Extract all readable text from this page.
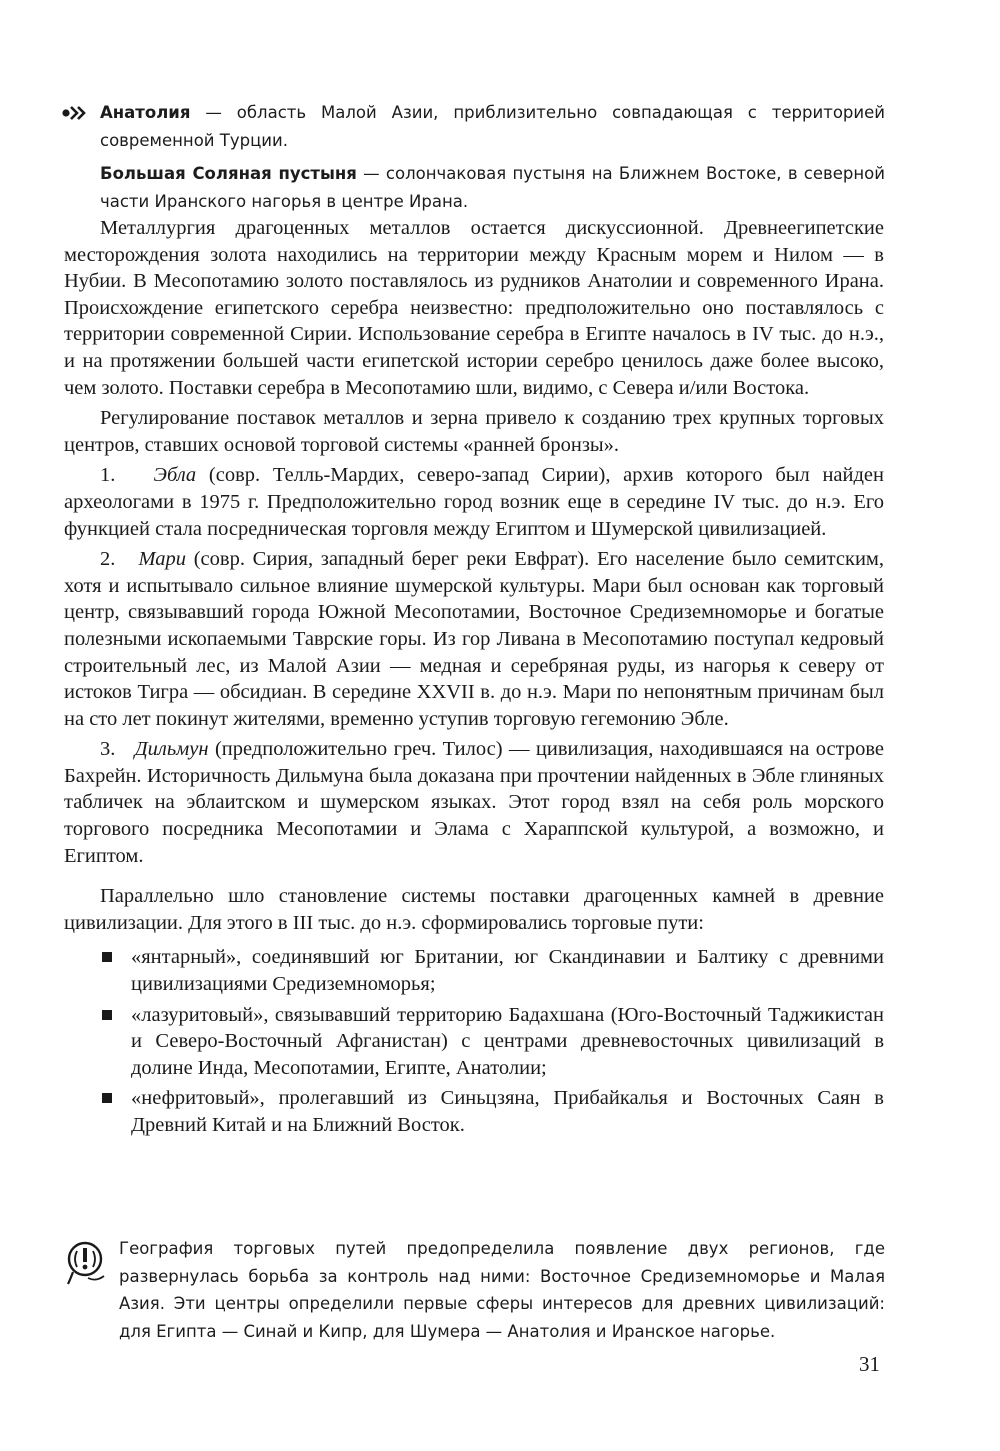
Анатолия — область Малой Азии, приблизительно совпадающая с территорией современной Турции.

Большая Соляная пустыня — солончаковая пустыня на Ближнем Востоке, в северной части Иранского нагорья в центре Ирана.

Металлургия драгоценных металлов остается дискуссионной. Древнеегипетские месторождения золота находились на территории между Красным морем и Нилом — в Нубии. В Месопотамию золото поставлялось из рудников Анатолии и современного Ирана. Происхождение египетского серебра неизвестно: предположительно оно поставлялось с территории современной Сирии. Использование серебра в Египте началось в IV тыс. до н.э., и на протяжении большей части египетской истории серебро ценилось даже более высоко, чем золото. Поставки серебра в Месопотамию шли, видимо, с Севера и/или Востока.

Регулирование поставок металлов и зерна привело к созданию трех крупных торговых центров, ставших основой торговой системы «ранней бронзы».

1. Эбла (совр. Телль-Мардих, северо-запад Сирии), архив которого был найден археологами в 1975 г. Предположительно город возник еще в середине IV тыс. до н.э. Его функцией стала посредническая торговля между Египтом и Шумерской цивилизацией.

2. Мари (совр. Сирия, западный берег реки Евфрат). Его население было семитским, хотя и испытывало сильное влияние шумерской культуры. Мари был основан как торговый центр, связывавший города Южной Месопотамии, Восточное Средиземноморье и богатые полезными ископаемыми Таврские горы. Из гор Ливана в Месопотамию поступал кедровый строительный лес, из Малой Азии — медная и серебряная руды, из нагорья к северу от истоков Тигра — обсидиан. В середине XXVII в. до н.э. Мари по непонятным причинам был на сто лет покинут жителями, временно уступив торговую гегемонию Эбле.

3. Дильмун (предположительно греч. Тилос) — цивилизация, находившаяся на острове Бахрейн. Историчность Дильмуна была доказана при прочтении найденных в Эбле глиняных табличек на эблаитском и шумерском языках. Этот город взял на себя роль морского торгового посредника Месопотамии и Элама с Хараппской культурой, а возможно, и Египтом.

Параллельно шло становление системы поставки драгоценных камней в древние цивилизации. Для этого в III тыс. до н.э. сформировались торговые пути:

«янтарный», соединявший юг Британии, юг Скандинавии и Балтику с древними цивилизациями Средиземноморья;
«лазуритовый», связывавший территорию Бадахшана (Юго-Восточный Таджикистан и Северо-Восточный Афганистан) с центрами древневосточных цивилизаций в долине Инда, Месопотамии, Египте, Анатолии;
«нефритовый», пролегавший из Синьцзяна, Прибайкалья и Восточных Саян в Древний Китай и на Ближний Восток.
География торговых путей предопределила появление двух регионов, где развернулась борьба за контроль над ними: Восточное Средиземноморье и Малая Азия. Эти центры определили первые сферы интересов для древних цивилизаций: для Египта — Синай и Кипр, для Шумера — Анатолия и Иранское нагорье.
31
